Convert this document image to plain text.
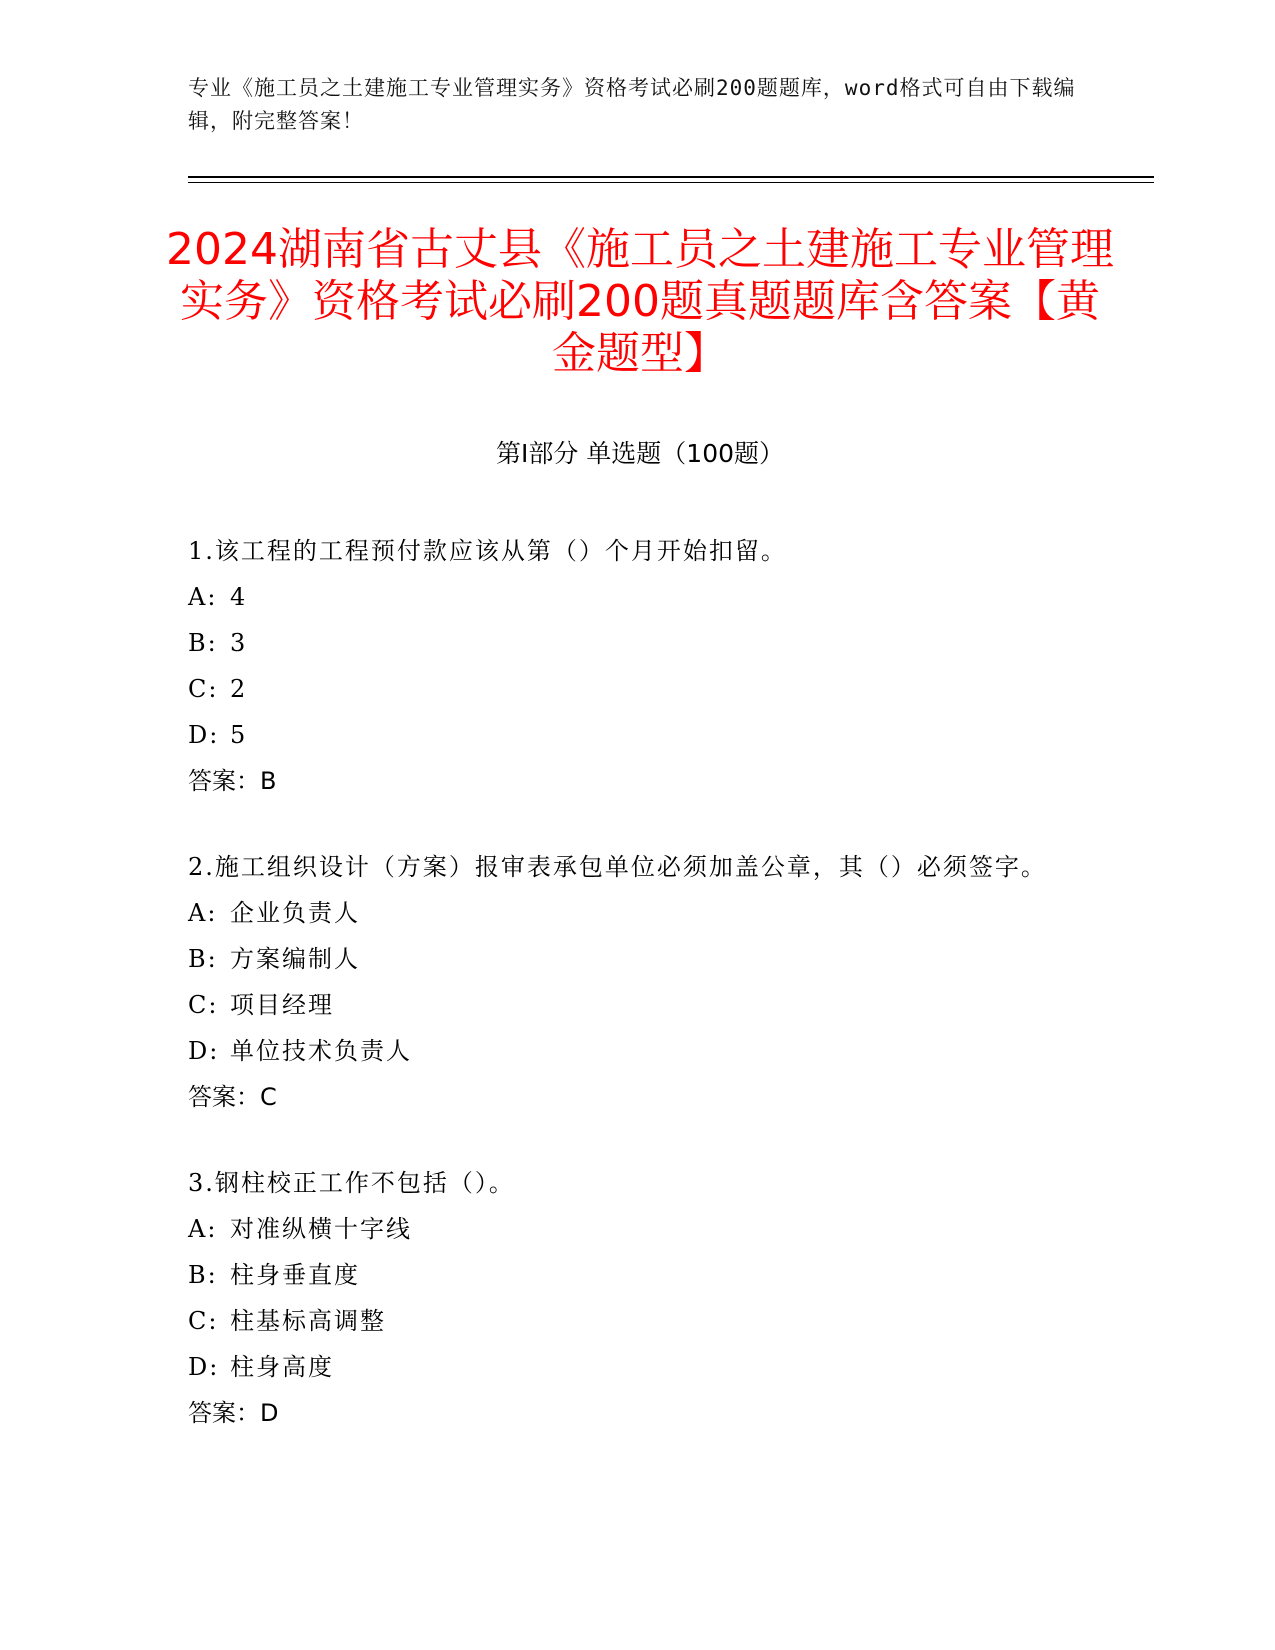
专业《施工员之土建施工专业管理实务》资格考试必刷200题题库，word格式可自由下载编辑，附完整答案！
2024湖南省古丈县《施工员之土建施工专业管理实务》资格考试必刷200题真题题库含答案【黄金题型】
第Ⅰ部分 单选题（100题）
1.该工程的工程预付款应该从第（）个月开始扣留。
A: 4
B: 3
C: 2
D: 5
答案：B
2.施工组织设计（方案）报审表承包单位必须加盖公章，其（）必须签字。
A: 企业负责人
B: 方案编制人
C: 项目经理
D: 单位技术负责人
答案：C
3.钢柱校正工作不包括（）。
A: 对准纵横十字线
B: 柱身垂直度
C: 柱基标高调整
D: 柱身高度
答案：D
